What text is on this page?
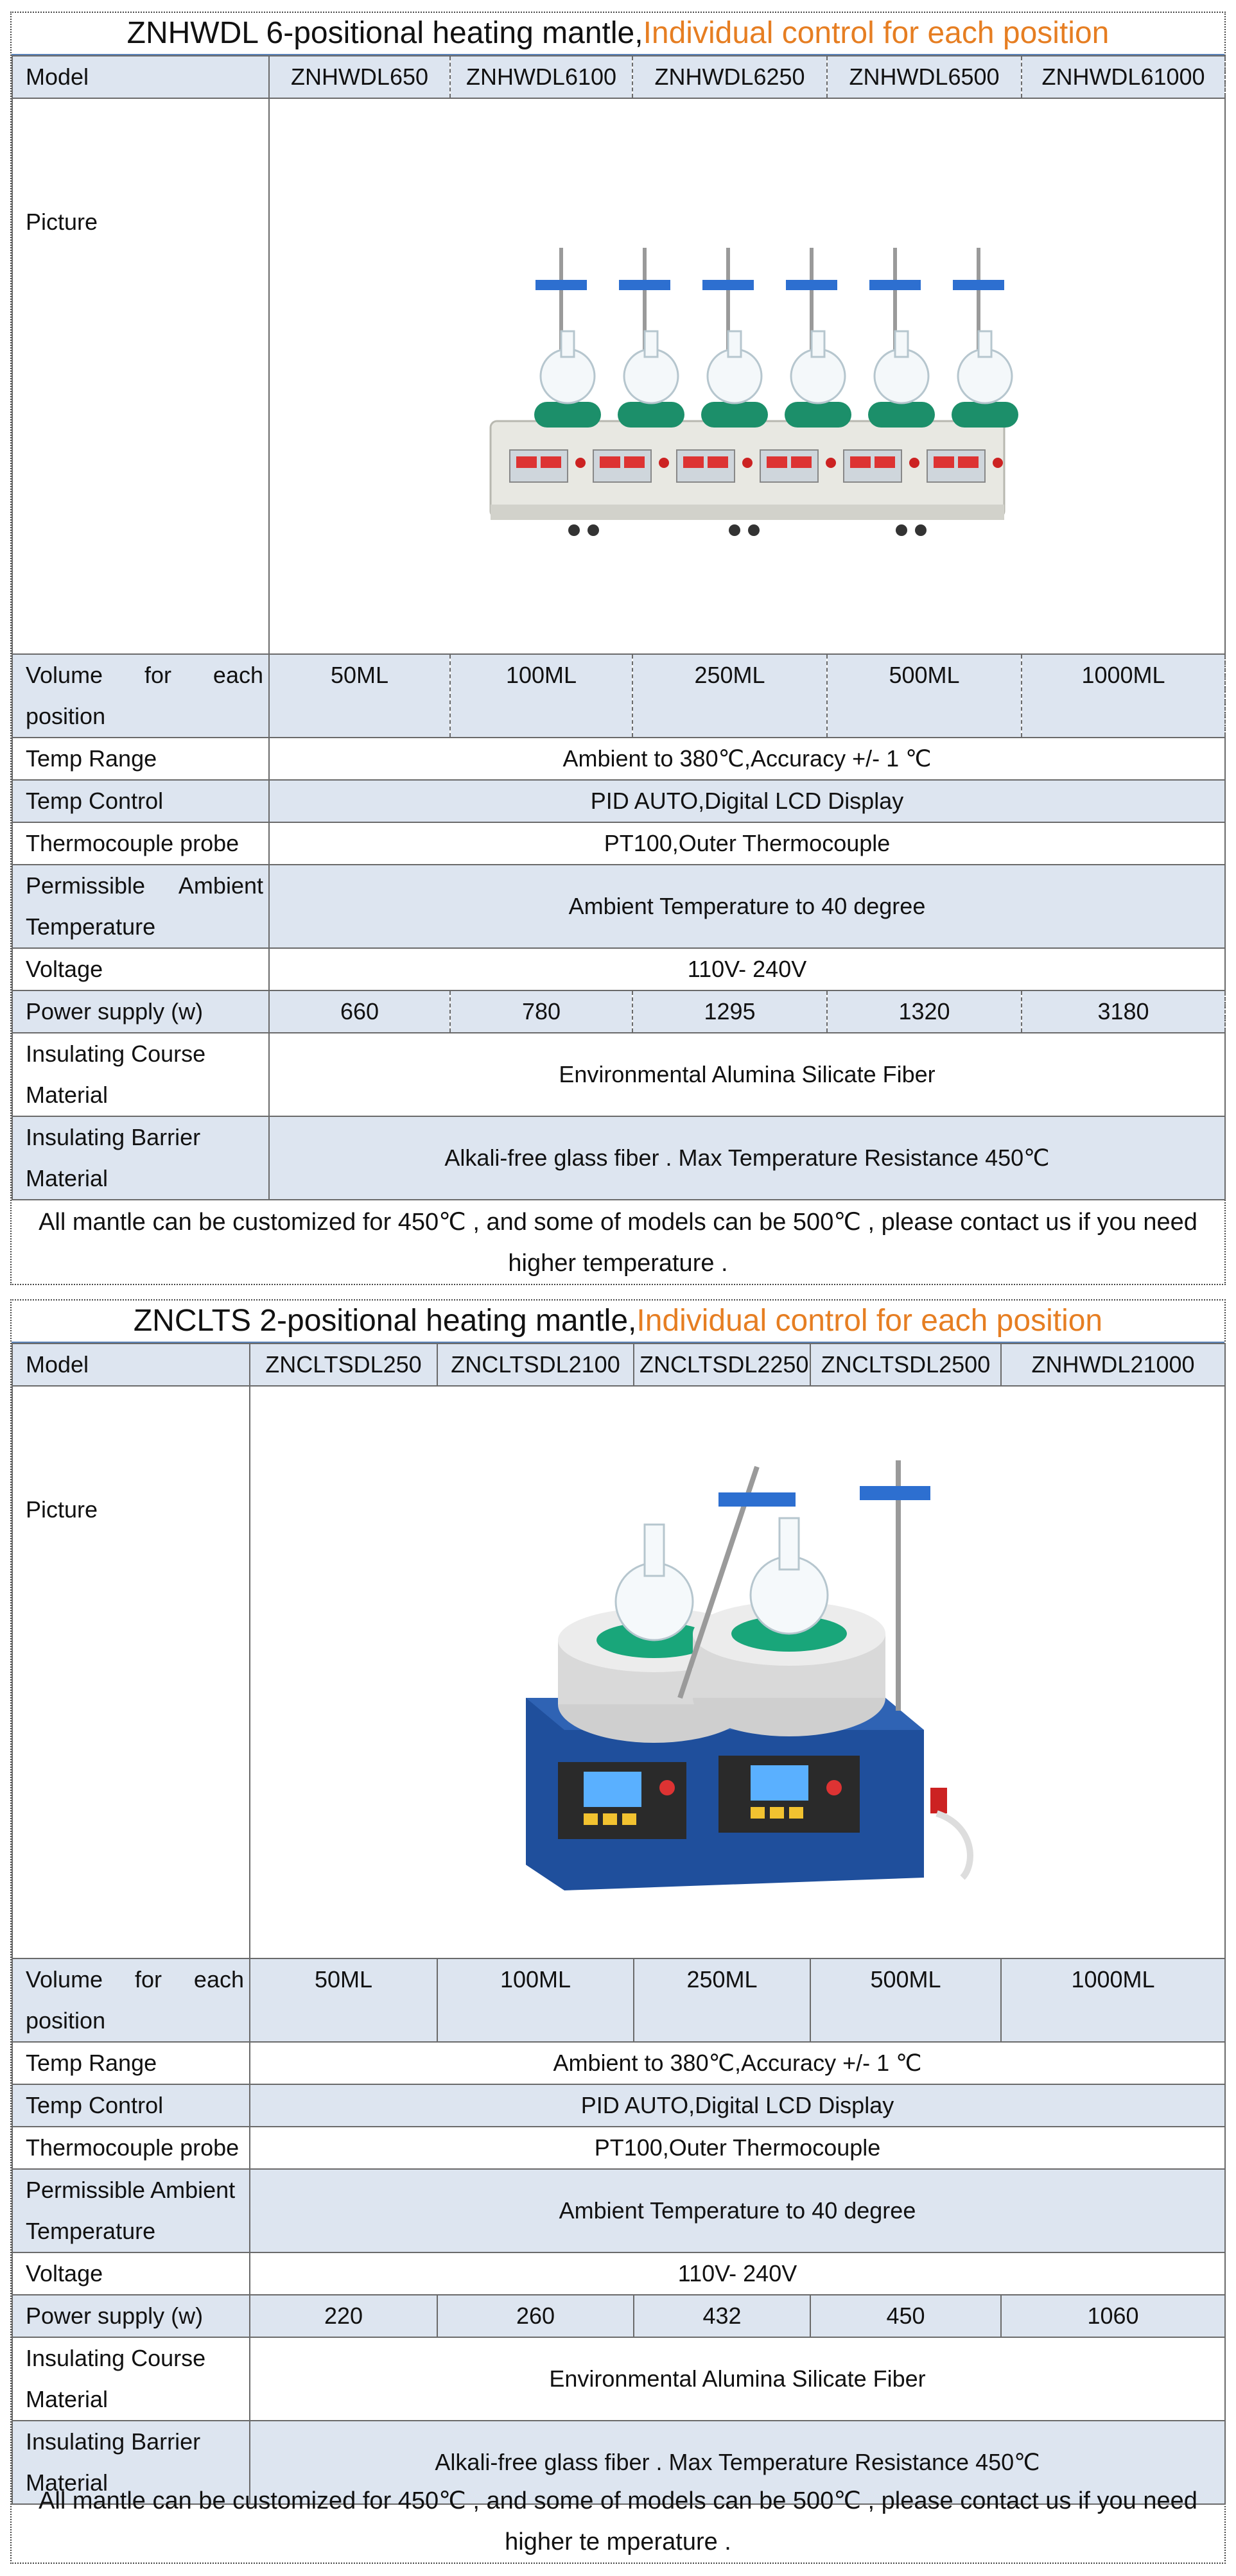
ZNHWDL 6-positional heating mantle,Individual control for each position
Model	ZNHWDL650	ZNHWDL6100	ZNHWDL6250	ZNHWDL6500	ZNHWDL61000
Picture	

Volume for each position	50ML	100ML	250ML	500ML	1000ML
Temp Range	Ambient to 380℃,Accuracy +/- 1 ℃				
Temp Control	PID AUTO,Digital LCD Display				
Thermocouple probe	PT100,Outer Thermocouple				
Permissible Ambient Temperature	Ambient Temperature to 40 degree				
Voltage	110V- 240V				
Power supply (w)	660	780	1295	1320	3180
Insulating Course Material	Environmental Alumina Silicate Fiber				
Insulating Barrier Material	Alkali-free glass fiber . Max Temperature Resistance 450℃				
All mantle can be customized for 450℃ , and some of models can be 500℃ , please contact us if you need higher temperature .
ZNCLTS 2-positional heating mantle,Individual control for each position
Model	ZNCLTSDL250	ZNCLTSDL2100	ZNCLTSDL2250	ZNCLTSDL2500	ZNHWDL21000
Picture	

Volume for each position	50ML	100ML	250ML	500ML	1000ML
Temp Range	Ambient to 380℃,Accuracy +/- 1 ℃				
Temp Control	PID AUTO,Digital LCD Display				
Thermocouple probe	PT100,Outer Thermocouple				
Permissible Ambient Temperature	Ambient Temperature to 40 degree				
Voltage	110V- 240V				
Power supply (w)	220	260	432	450	1060
Insulating Course Material	Environmental Alumina Silicate Fiber				
Insulating Barrier Material	Alkali-free glass fiber . Max Temperature Resistance 450℃				
All mantle can be customized for 450℃ , and some of models can be 500℃ , please contact us if you need higher te mperature .
